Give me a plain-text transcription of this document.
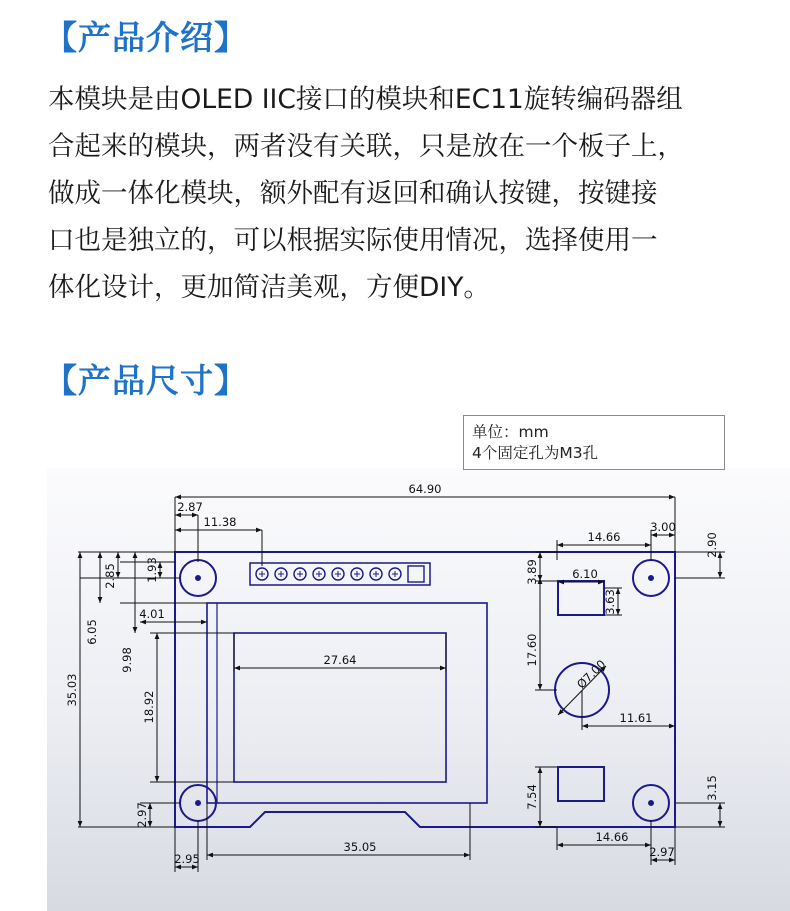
【产品介绍】
本模块是由OLED IIC接口的模块和EC11旋转编码器组
合起来的模块，两者没有关联，只是放在一个板子上，
做成一体化模块，额外配有返回和确认按键，按键接
口也是独立的，可以根据实际使用情况，选择使用一
体化设计，更加简洁美观，方便DIY。
【产品尺寸】
64.90
2.87
11.38
14.66
3.00
2.90
2.85 1.93
4.01
6.05
9.98
35.03
18.92
27.64
3.89	6.10
3.63
17.60
Ø7.00
11.61
7.54	3.15
14.66
2.97
2.97
2.95
35.05
单位：mm
4个固定孔为M3孔
